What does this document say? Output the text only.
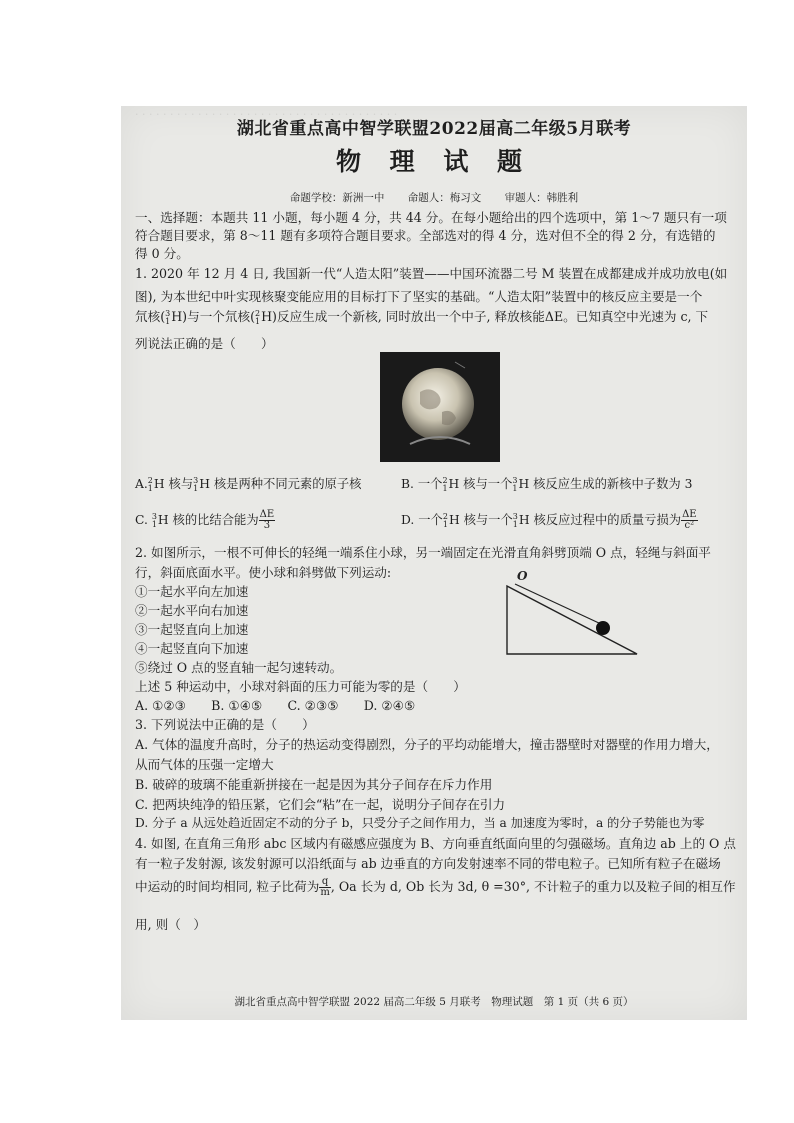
· · · · · · · · · · · · · · · · · · · · · · · · · · · · · · · · · · · · · ·
湖北省重点高中智学联盟2022届高二年级5月联考
物 理 试 题
命题学校：新洲一中 命题人：梅习文 审题人：韩胜利
一、选择题：本题共 11 小题，每小题 4 分，共 44 分。在每小题给出的四个选项中，第 1～7 题只有一项
符合题目要求，第 8～11 题有多项符合题目要求。全部选对的得 4 分，选对但不全的得 2 分，有选错的
得 0 分。
1. 2020 年 12 月 4 日, 我国新一代“人造太阳”装置——中国环流器二号 M 装置在成都建成并成功放电(如
图), 为本世纪中叶实现核聚变能应用的目标打下了坚实的基础。“人造太阳”装置中的核反应主要是一个
氘核( 3
1 H)与一个氘核( 2
1 H)反应生成一个新核, 同时放出一个中子, 释放核能ΔE。已知真空中光速为 c, 下
列说法正确的是（　　）
A. 2
1 H 核与 3
1 H 核是两种不同元素的原子核	B. 一个 2
1 H 核与一个 3
1 H 核反应生成的新核中子数为 3
C. 3
1 H 核的比结合能为 $\frac{\Delta E}{3}$	D. 一个 2
1 H 核与一个 3
1 H 核反应过程中的质量亏损为 $\frac{\Delta E}{\text{c²}}$
2. 如图所示，一根不可伸长的轻绳一端系住小球，另一端固定在光滑直角斜劈顶端 O 点，轻绳与斜面平
行，斜面底面水平。使小球和斜劈做下列运动:
①一起水平向左加速
②一起水平向右加速
③一起竖直向上加速
④一起竖直向下加速
⑤绕过 O 点的竖直轴一起匀速转动。
上述 5 种运动中，小球对斜面的压力可能为零的是（　　）
A. ①②③　　B. ①④⑤　　C. ②③⑤　　D. ②④⑤
O
3. 下列说法中正确的是（　　）
A. 气体的温度升高时，分子的热运动变得剧烈，分子的平均动能增大，撞击器壁时对器壁的作用力增大，
从而气体的压强一定增大
B. 破碎的玻璃不能重新拼接在一起是因为其分子间存在斥力作用
C. 把两块纯净的铅压紧，它们会“粘”在一起，说明分子间存在引力
D. 分子 a 从远处趋近固定不动的分子 b，只受分子之间作用力，当 a 加速度为零时，a 的分子势能也为零
4. 如图, 在直角三角形 abc 区域内有磁感应强度为 B、方向垂直纸面向里的匀强磁场。直角边 ab 上的 O 点
有一粒子发射源, 该发射源可以沿纸面与 ab 边垂直的方向发射速率不同的带电粒子。已知所有粒子在磁场
中运动的时间均相同, 粒子比荷为 $\frac{q}{m}$ , Oa 长为 d, Ob 长为 3d, θ =30°, 不计粒子的重力以及粒子间的相互作
用, 则（　）
湖北省重点高中智学联盟 2022 届高二年级 5 月联考　物理试题　第 1 页（共 6 页）
